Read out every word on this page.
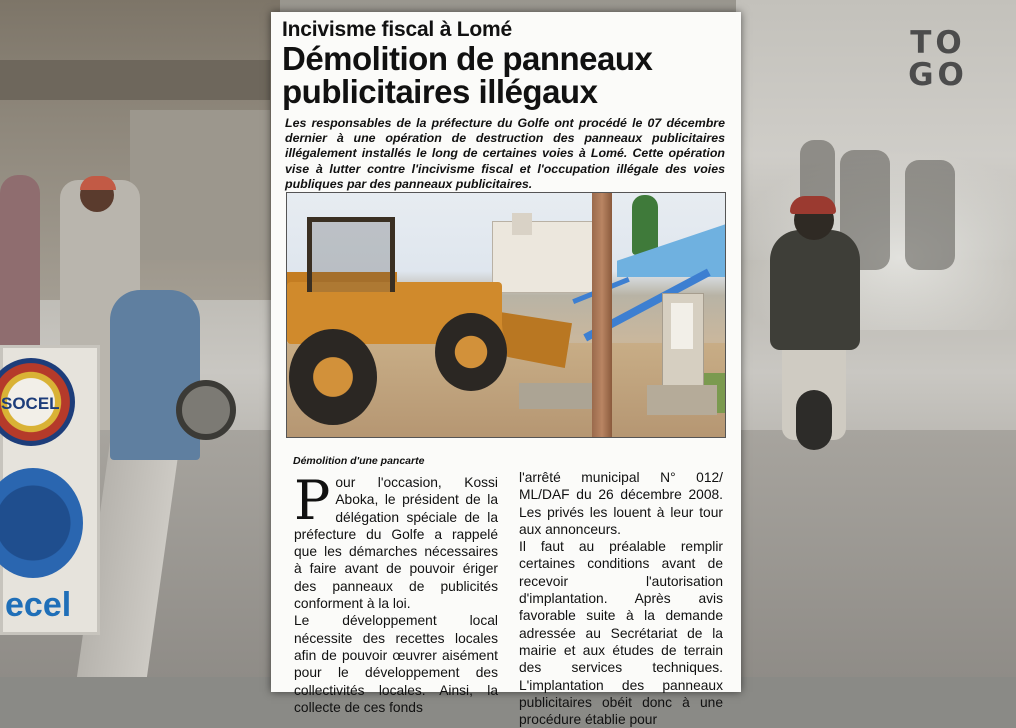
SOCEL
ecel
TO
GO
Incivisme fiscal à Lomé
Démolition de panneaux publicitaires illégaux
Les responsables de la préfecture du Golfe ont procédé le 07 décembre dernier à une opération de destruction des panneaux publicitaires illégalement installés le long de certaines voies à Lomé. Cette opération vise à lutter contre l'incivisme fiscal et l'occupation illégale des voies publiques par des panneaux publicitaires.
Démolition d'une pancarte

Pour l'occasion, Kossi Aboka, le président de la délégation spéciale de la préfecture du Golfe a rappelé que les démarches nécessaires à faire avant de pouvoir ériger des panneaux de publicités conforment à la loi.

Le développement local nécessite des recettes locales afin de pouvoir œuvrer aisément pour le développement des collectivités locales. Ainsi, la collecte de ces fonds

l'arrêté municipal N° 012/ ML/DAF du 26 décembre 2008. Les privés les louent à leur tour aux annonceurs.

Il faut au préalable remplir certaines conditions avant de recevoir l'autorisation d'implantation. Après avis favorable suite à la demande adressée au Secrétariat de la mairie et aux études de terrain des services techniques. L'implantation des panneaux publicitaires obéit donc à une procédure établie pour
